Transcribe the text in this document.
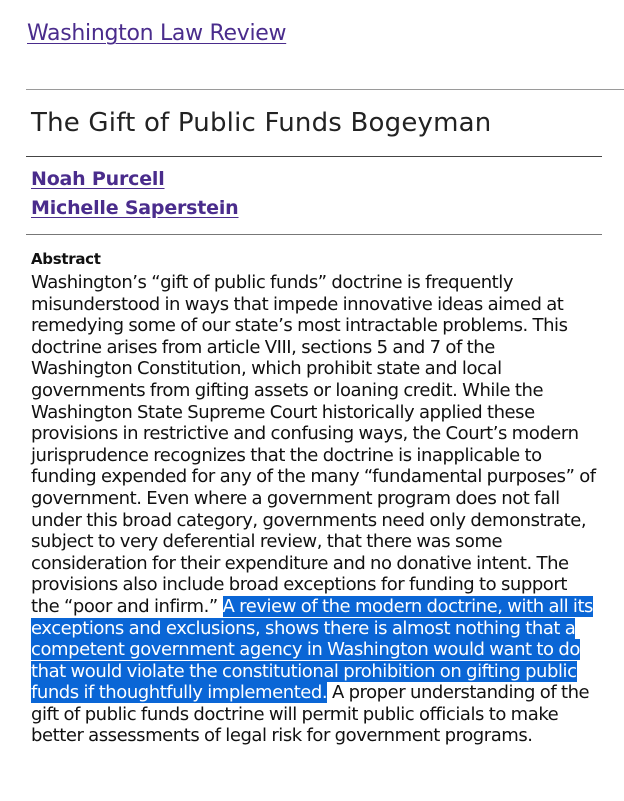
Washington Law Review
The Gift of Public Funds Bogeyman
Noah Purcell
Michelle Saperstein
Abstract

Washington’s “gift of public funds” doctrine is frequently misunderstood in ways that impede innovative ideas aimed at remedying some of our state’s most intractable problems. This doctrine arises from article VIII, sections 5 and 7 of the Washington Constitution, which prohibit state and local governments from gifting assets or loaning credit. While the Washington State Supreme Court historically applied these provisions in restrictive and confusing ways, the Court’s modern jurisprudence recognizes that the doctrine is inapplicable to funding expended for any of the many “fundamental purposes” of government. Even where a government program does not fall under this broad category, governments need only demonstrate, subject to very deferential review, that there was some consideration for their expenditure and no donative intent. The provisions also include broad exceptions for funding to support the “poor and infirm.” A review of the modern doctrine, with all its exceptions and exclusions, shows there is almost nothing that a competent government agency in Washington would want to do that would violate the constitutional prohibition on gifting public funds if thoughtfully implemented. A proper understanding of the gift of public funds doctrine will permit public officials to make better assessments of legal risk for government programs.
